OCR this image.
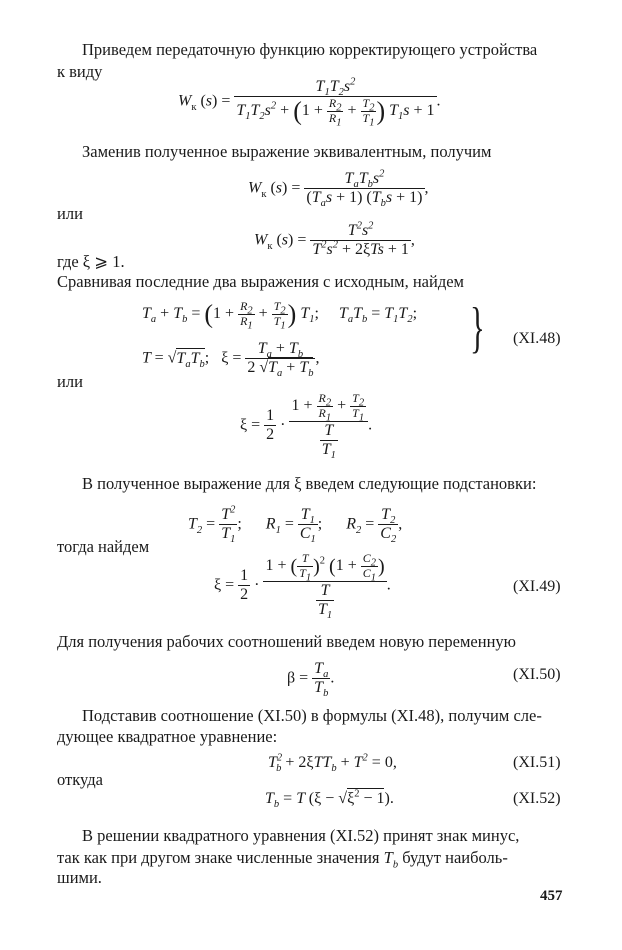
Приведем передаточную функцию корректирующего устройства
к виду
$W_к$ $(s) = \frac{T_1T_2s^2}{T_1T_2s^2 + (1 + \frac{R_2}{R_1} + \frac{T_2}{T_1} ) T_1s + 1}$ .
Заменив полученное выражение эквивалентным, получим
$W_к$ (s) =
$T_aT_bs^2$
$(T_as + 1) (T_bs + 1)$
,
или
$W_к$ (s) =
$T^2s^2$
$T^2s^2 + 2\xi Ts + 1$
,
где ξ ⩾ 1.
Сравнивая последние два выражения с исходным, найдем
$T_a + T_b = (1 + \frac{R_2}{R_1} + \frac{T_2}{T_1}$ ) $T_1$;     $T_aT_b = T_1T_2$;
$T = √T_aT_b$; $\xi = \frac{T_a + T_b}{2 √T_a + T_b}$ ,	} (XI.48)
или
$\xi = \frac{1}{2} \cdot \frac{1 + \frac{R_2}{R_1} + \frac{T_2}{T_1}}{\frac{T}{T_1}}$ .
В полученное выражение для ξ введем следующие подстановки:
$T_2 = \frac{T^2}{T_1}$ ;      $R_1 = \frac{T_1}{C_1}$ ;      $R_2 = \frac{T_2}{C_2}$ ,
тогда найдем
$\xi = \frac{1}{2} \cdot \frac{1 + ( \frac{T}{T_1} )^2 (1 + \frac{C_2}{C_1} )}{\frac{T}{T_1}}$ .	(XI.49)
Для получения рабочих соотношений введем новую переменную
$\beta = \frac{T_a}{T_b}$ .	(XI.50)
Подставив соотношение (XI.50) в формулы (XI.48), получим сле-
дующее квадратное уравнение:
$T^2_b + 2\xi TT_b + T^2 = 0$,	(XI.51)
откуда
$T_b = T$ $(\xi - √\xi^2 - 1)$.	(XI.52)
В решении квадратного уравнения (XI.52) принят знак минус,
так как при другом знаке численные значения $T_b$ будут наиболь-
шими.
457
